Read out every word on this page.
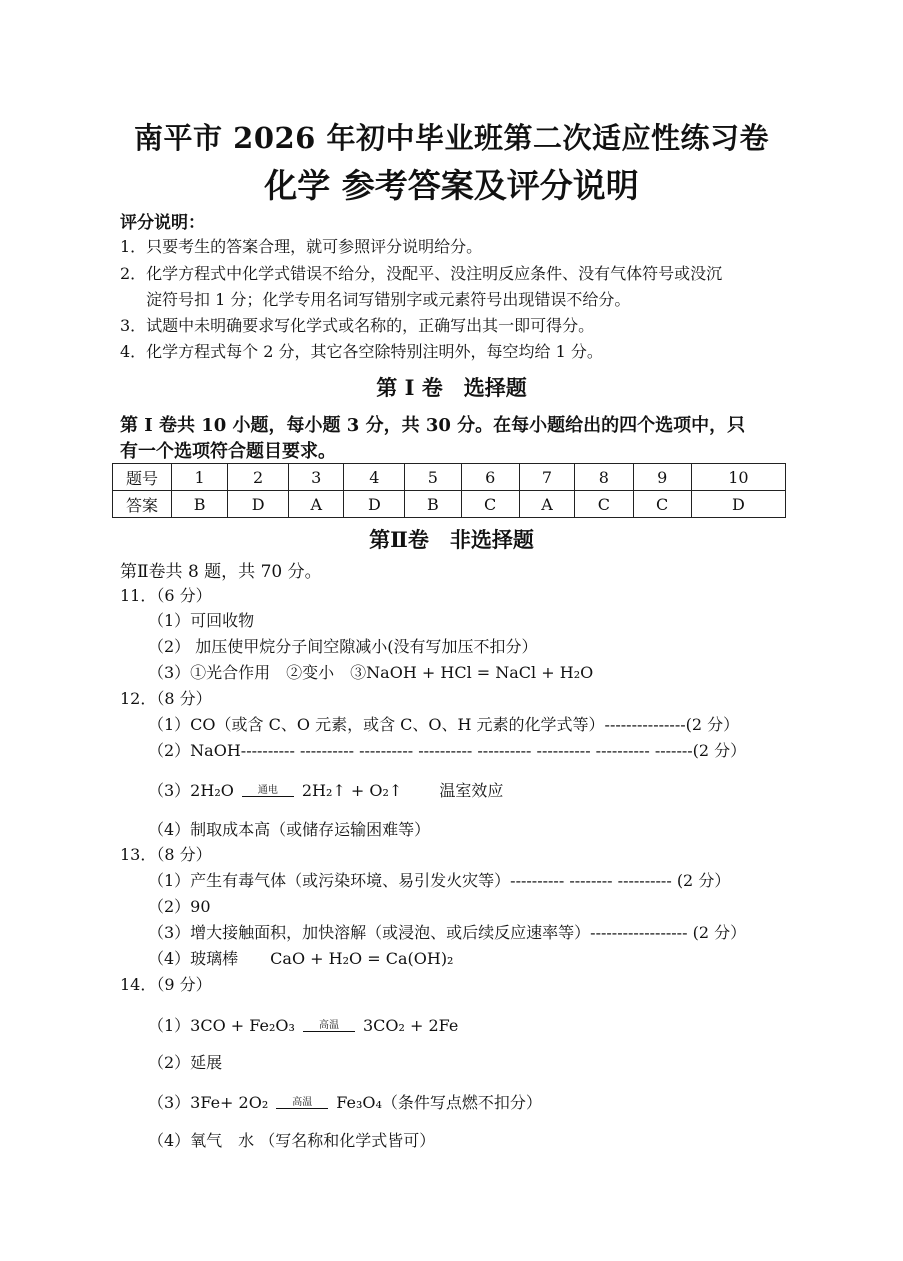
南平市 2026 年初中毕业班第二次适应性练习卷
化学 参考答案及评分说明
评分说明：
1．只要考生的答案合理，就可参照评分说明给分。
2．化学方程式中化学式错误不给分，没配平、没注明反应条件、没有气体符号或没沉
淀符号扣 1 分；化学专用名词写错别字或元素符号出现错误不给分。
3．试题中未明确要求写化学式或名称的，正确写出其一即可得分。
4．化学方程式每个 2 分，其它各空除特别注明外，每空均给 1 分。
第 I 卷　选择题
第 I 卷共 10 小题，每小题 3 分，共 30 分。在每小题给出的四个选项中，只
有一个选项符合题目要求。
题号	1	2	3	4	5	6	7	8	9	10
答案	B	D	A	D	B	C	A	C	C	D
第Ⅱ卷　非选择题
第Ⅱ卷共 8 题，共 70 分。
11．（6 分）
（1）可回收物
（2） 加压使甲烷分子间空隙减小(没有写加压不扣分）
（3）①光合作用　②变小　③NaOH + HCl = NaCl + H₂O
12．（8 分）
（1）CO（或含 C、O 元素，或含 C、O、H 元素的化学式等）---------------(2 分）
（2）NaOH---------- ---------- ---------- ---------- ---------- ---------- ---------- -------(2 分）
（3）2H₂O	通电	2H₂↑ + O₂↑　　 温室效应
（4）制取成本高（或储存运输困难等）
13．（8 分）
（1）产生有毒气体（或污染环境、易引发火灾等）---------- -------- ---------- (2 分）
（2）90
（3）增大接触面积，加快溶解（或浸泡、或后续反应速率等）------------------ (2 分）
（4）玻璃棒　　CaO + H₂O = Ca(OH)₂
14．（9 分）
（1）3CO + Fe₂O₃	高温	3CO₂ + 2Fe
（2）延展
（3）3Fe+ 2O₂	高温	Fe₃O₄（条件写点燃不扣分）
（4）氧气　水 （写名称和化学式皆可）
